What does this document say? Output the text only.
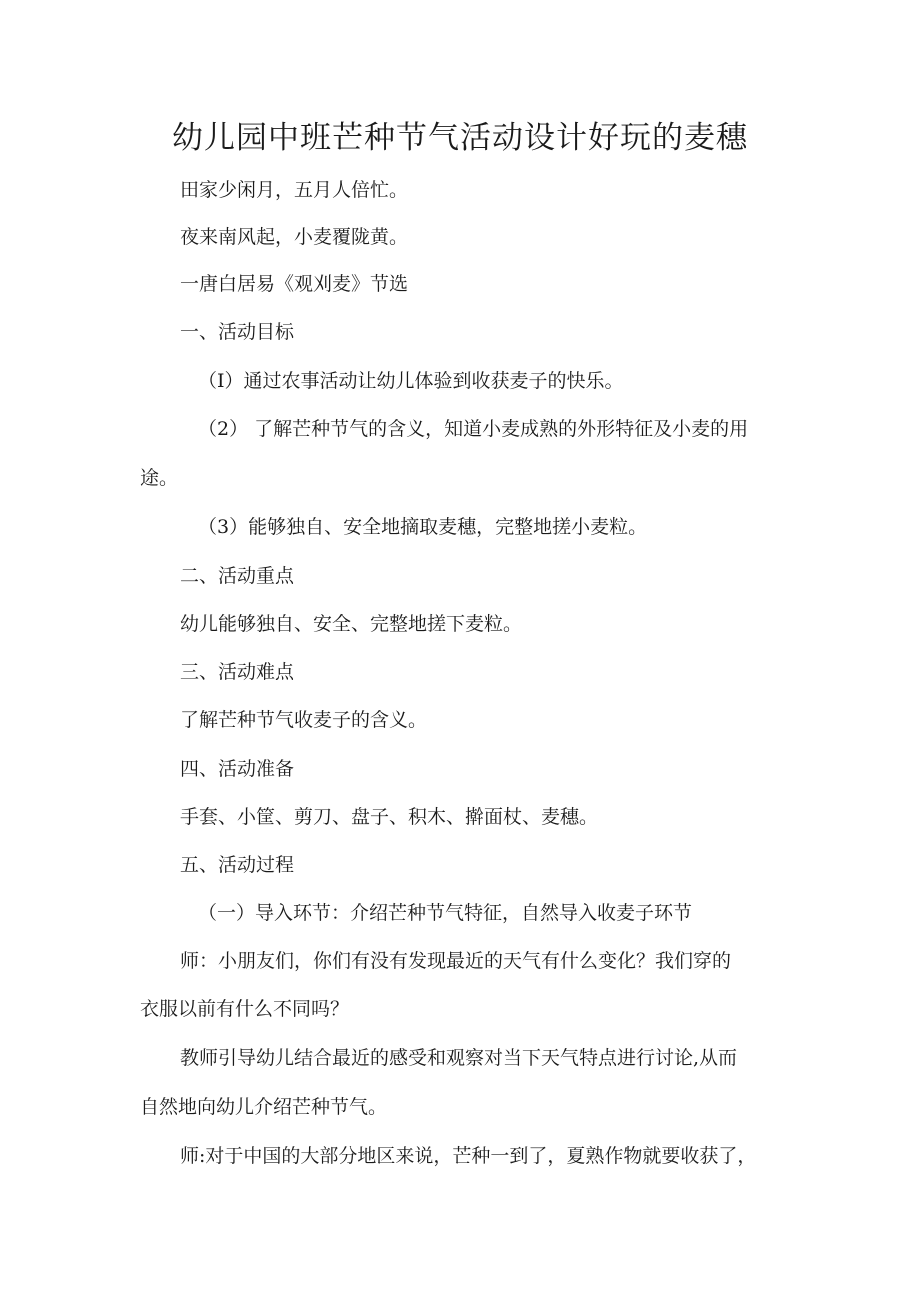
幼儿园中班芒种节气活动设计好玩的麦穗

田家少闲月，五月人倍忙。

夜来南风起，小麦覆陇黄。

一唐白居易《观刈麦》节选

一、活动目标

（I）通过农事活动让幼儿体验到收获麦子的快乐。

（2） 了解芒种节气的含义，知道小麦成熟的外形特征及小麦的用

途。

（3）能够独自、安全地摘取麦穗，完整地搓小麦粒。

二、活动重点

幼儿能够独自、安全、完整地搓下麦粒。

三、活动难点

了解芒种节气收麦子的含义。

四、活动准备

手套、小筐、剪刀、盘子、积木、擀面杖、麦穗。

五、活动过程

（一）导入环节：介绍芒种节气特征，自然导入收麦子环节

师：小朋友们，你们有没有发现最近的天气有什么变化？我们穿的

衣服以前有什么不同吗？

教师引导幼儿结合最近的感受和观察对当下天气特点进行讨论,从而

自然地向幼儿介绍芒种节气。

师:对于中国的大部分地区来说，芒种一到了，夏熟作物就要收获了，
